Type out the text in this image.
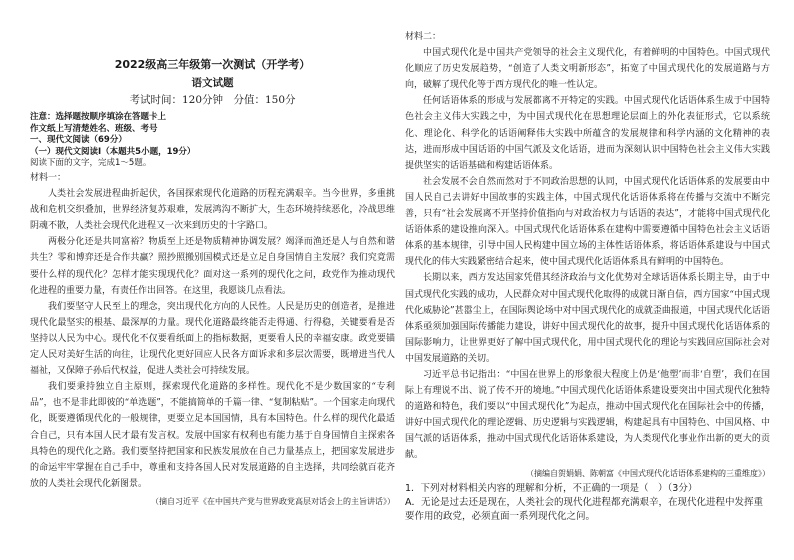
2022级高三年级第一次测试（开学考）
语文试题
考试时间：120分钟　分值：150分
注意：选择题按顺序填涂在答题卡上
作文纸上写清楚姓名、班级、考号
一、现代文阅读（69分）
（一）现代文阅读Ⅰ（本题共5小题，19分）
阅读下面的文字，完成1～5题。

材料一：

人类社会发展进程曲折起伏，各国探索现代化道路的历程充满艰辛。当今世界，多重挑战和危机交织叠加，世界经济复苏艰难，发展鸿沟不断扩大，生态环境持续恶化，冷战思维阴魂不散，人类社会现代化进程又一次来到历史的十字路口。

两极分化还是共同富裕？物质至上还是物质精神协调发展？竭泽而渔还是人与自然和谐共生？零和博弈还是合作共赢？照抄照搬别国模式还是立足自身国情自主发展？我们究竟需要什么样的现代化？怎样才能实现现代化？面对这一系列的现代化之问，政党作为推动现代化进程的重要力量，有责任作出回答。在这里，我愿谈几点看法。

我们要坚守人民至上的理念，突出现代化方向的人民性。人民是历史的创造者，是推进现代化最坚实的根基、最深厚的力量。现代化道路最终能否走得通、行得稳，关键要看是否坚持以人民为中心。现代化不仅要看纸面上的指标数据，更要看人民的幸福安康。政党要锚定人民对美好生活的向往，让现代化更好回应人民各方面诉求和多层次需要，既增进当代人福祉，又保障子孙后代权益，促进人类社会可持续发展。

我们要秉持独立自主原则，探索现代化道路的多样性。现代化不是少数国家的“专利品”，也不是非此即彼的“单选题”，不能搞简单的千篇一律、“复制粘贴”。一个国家走向现代化，既要遵循现代化的一般规律，更要立足本国国情，具有本国特色。什么样的现代化最适合自己，只有本国人民才最有发言权。发展中国家有权利也有能力基于自身国情自主探索各具特色的现代化之路。我们要坚持把国家和民族发展放在自己力量基点上，把国家发展进步的命运牢牢掌握在自己手中，尊重和支持各国人民对发展道路的自主选择，共同绘就百花齐放的人类社会现代化新图景。

（摘自习近平《在中国共产党与世界政党高层对话会上的主旨讲话》）

材料二：

中国式现代化是中国共产党领导的社会主义现代化，有着鲜明的中国特色。中国式现代化顺应了历史发展趋势，“创造了人类文明新形态”，拓宽了中国式现代化的发展道路与方向，破解了现代化等于西方现代化的唯一性认定。

任何话语体系的形成与发展都离不开特定的实践。中国式现代化话语体系生成于中国特色社会主义伟大实践之中，为中国式现代化在思想理论层面上的外化表征形式，它以系统化、理论化、科学化的话语阐释伟大实践中所蕴含的发展规律和科学内涵的文化精神的表达，进而形成中国话语的中国气派及文化话语，进而为深刻认识中国特色社会主义伟大实践提供坚实的话语基础和构建话语体系。

社会发展不会自然而然对于不同政治思想的认同，中国式现代化话语体系的发展要由中国人民自己去讲好中国故事的实践主体，中国式现代化话语体系将在传播与交流中不断完善，只有“社会发展离不开坚持价值指向与对政治权力与话语的表达”，才能将中国式现代化话语体系的建设推向深入。中国式现代化话语体系在建构中需要遵循中国特色社会主义话语体系的基本规律，引导中国人民构建中国立场的主体性话语体系，将话语体系建设与中国式现代化的伟大实践紧密结合起来，使中国式现代化话语体系具有鲜明的中国特色。

长期以来，西方发达国家凭借其经济政治与文化优势对全球话语体系长期主导，由于中国式现代化实践的成功，人民群众对中国式现代化取得的成就日渐自信，西方国家“中国式现代化威胁论”甚嚣尘上，在国际舆论场中对中国式现代化的成就歪曲报道，中国式现代化话语体系亟须加强国际传播能力建设，讲好中国式现代化的故事，提升中国式现代化话语体系的国际影响力，让世界更好了解中国式现代化，用中国式现代化的理论与实践回应国际社会对中国发展道路的关切。

习近平总书记指出：“中国在世界上的形象很大程度上仍是‘他塑’而非‘自塑’，我们在国际上有理说不出、说了传不开的境地。”中国式现代化话语体系建设要突出中国式现代化独特的道路和特色，我们要以“中国式现代化”为起点，推动中国式现代化在国际社会中的传播，讲好中国式现代化的理论逻辑、历史逻辑与实践逻辑，构建起具有中国特色、中国风格、中国气派的话语体系，推动中国式现代化话语体系建设，为人类现代化事业作出新的更大的贡献。

（摘编自贺娟娟、陈朝富《中国式现代化话语体系建构的三重维度》）

1．下列对材料相关内容的理解和分析，不正确的一项是（　）（3分）

A．无论是过去还是现在，人类社会的现代化进程都充满艰辛，在现代化进程中发挥重要作用的政党，必须直面一系列现代化之问。
